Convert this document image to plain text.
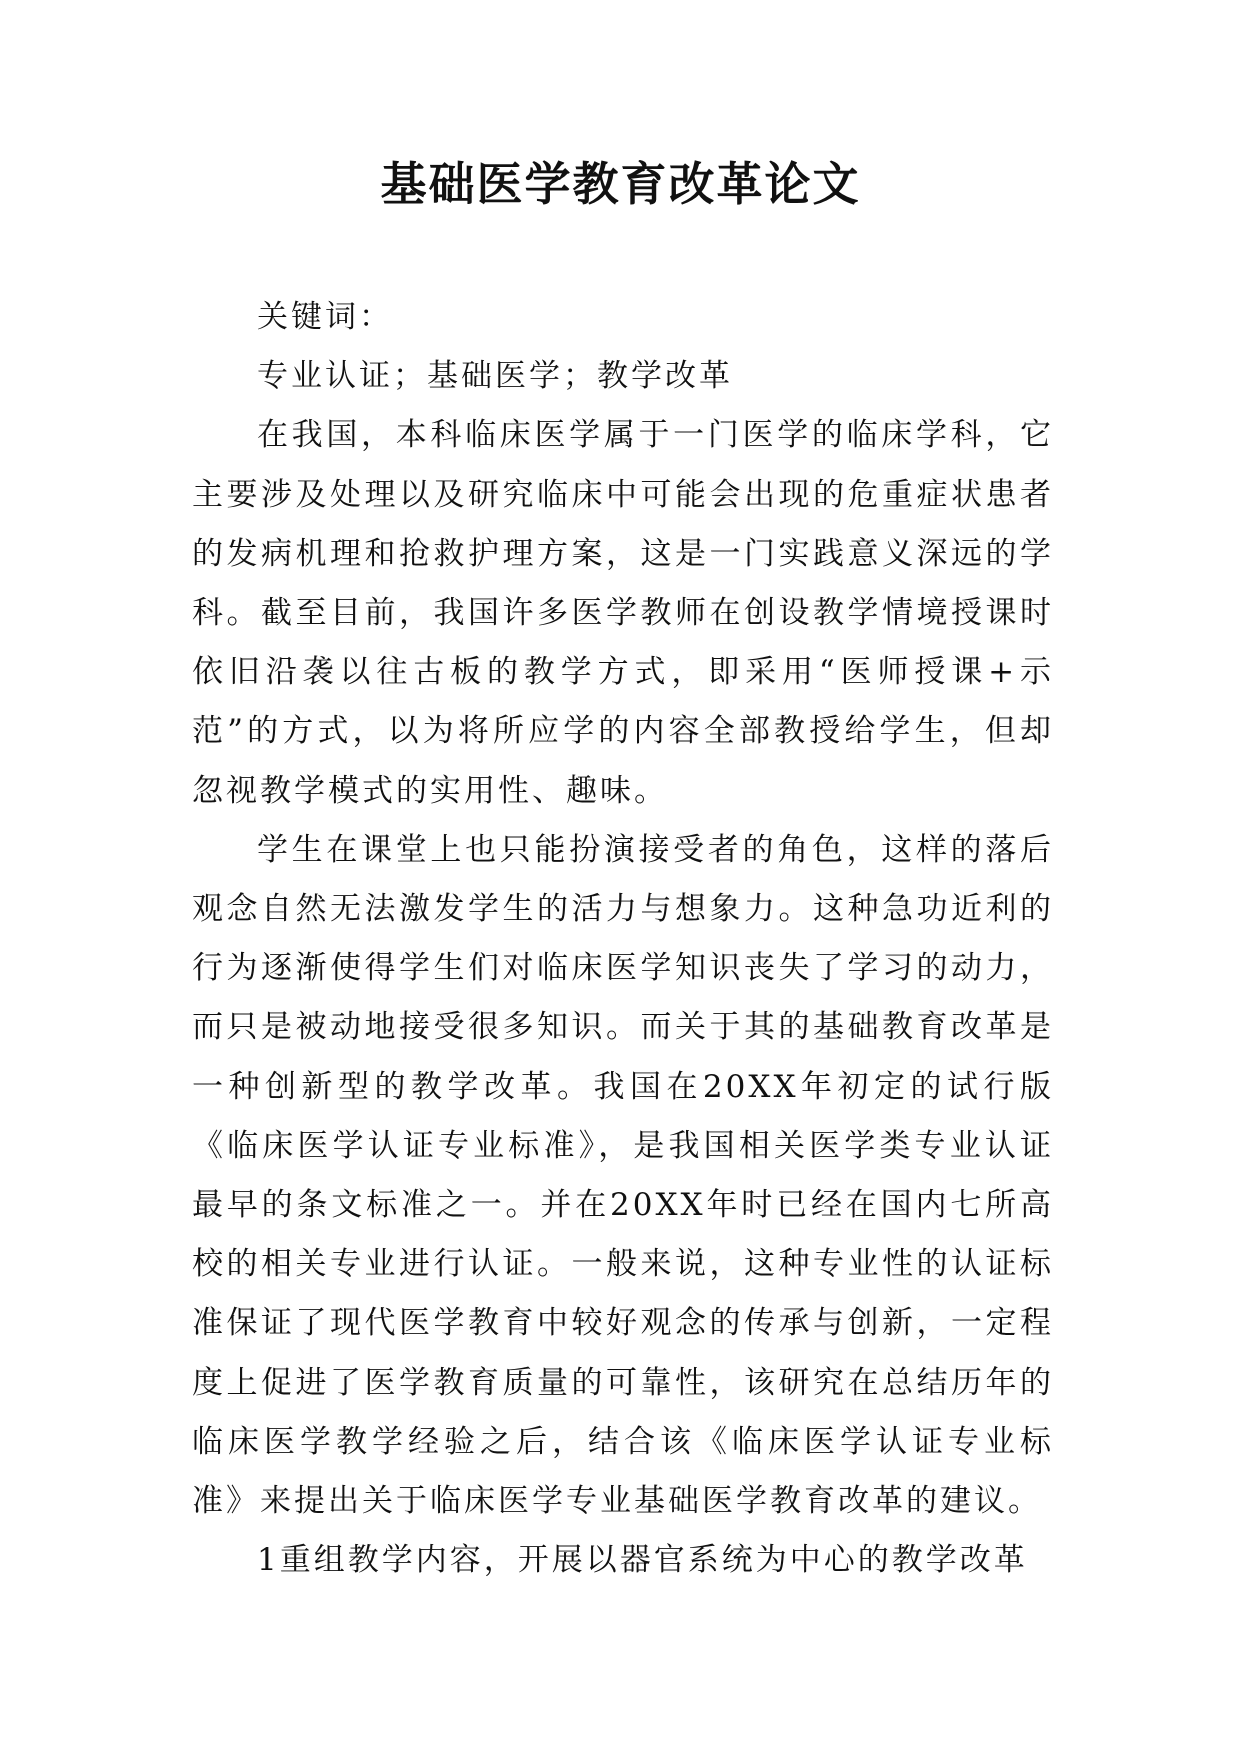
基础医学教育改革论文

关键词：

专业认证；基础医学；教学改革

在我国，本科临床医学属于一门医学的临床学科，它主要涉及处理以及研究临床中可能会出现的危重症状患者的发病机理和抢救护理方案，这是一门实践意义深远的学科。截至目前，我国许多医学教师在创设教学情境授课时依旧沿袭以往古板的教学方式，即采用“医师授课+示范”的方式，以为将所应学的内容全部教授给学生，但却忽视教学模式的实用性、趣味。

学生在课堂上也只能扮演接受者的角色，这样的落后观念自然无法激发学生的活力与想象力。这种急功近利的行为逐渐使得学生们对临床医学知识丧失了学习的动力，而只是被动地接受很多知识。而关于其的基础教育改革是一种创新型的教学改革。我国在20XX年初定的试行版《临床医学认证专业标准》，是我国相关医学类专业认证最早的条文标准之一。并在20XX年时已经在国内七所高校的相关专业进行认证。一般来说，这种专业性的认证标准保证了现代医学教育中较好观念的传承与创新，一定程度上促进了医学教育质量的可靠性，该研究在总结历年的临床医学教学经验之后，结合该《临床医学认证专业标准》来提出关于临床医学专业基础医学教育改革的建议。

1重组教学内容，开展以器官系统为中心的教学改革
